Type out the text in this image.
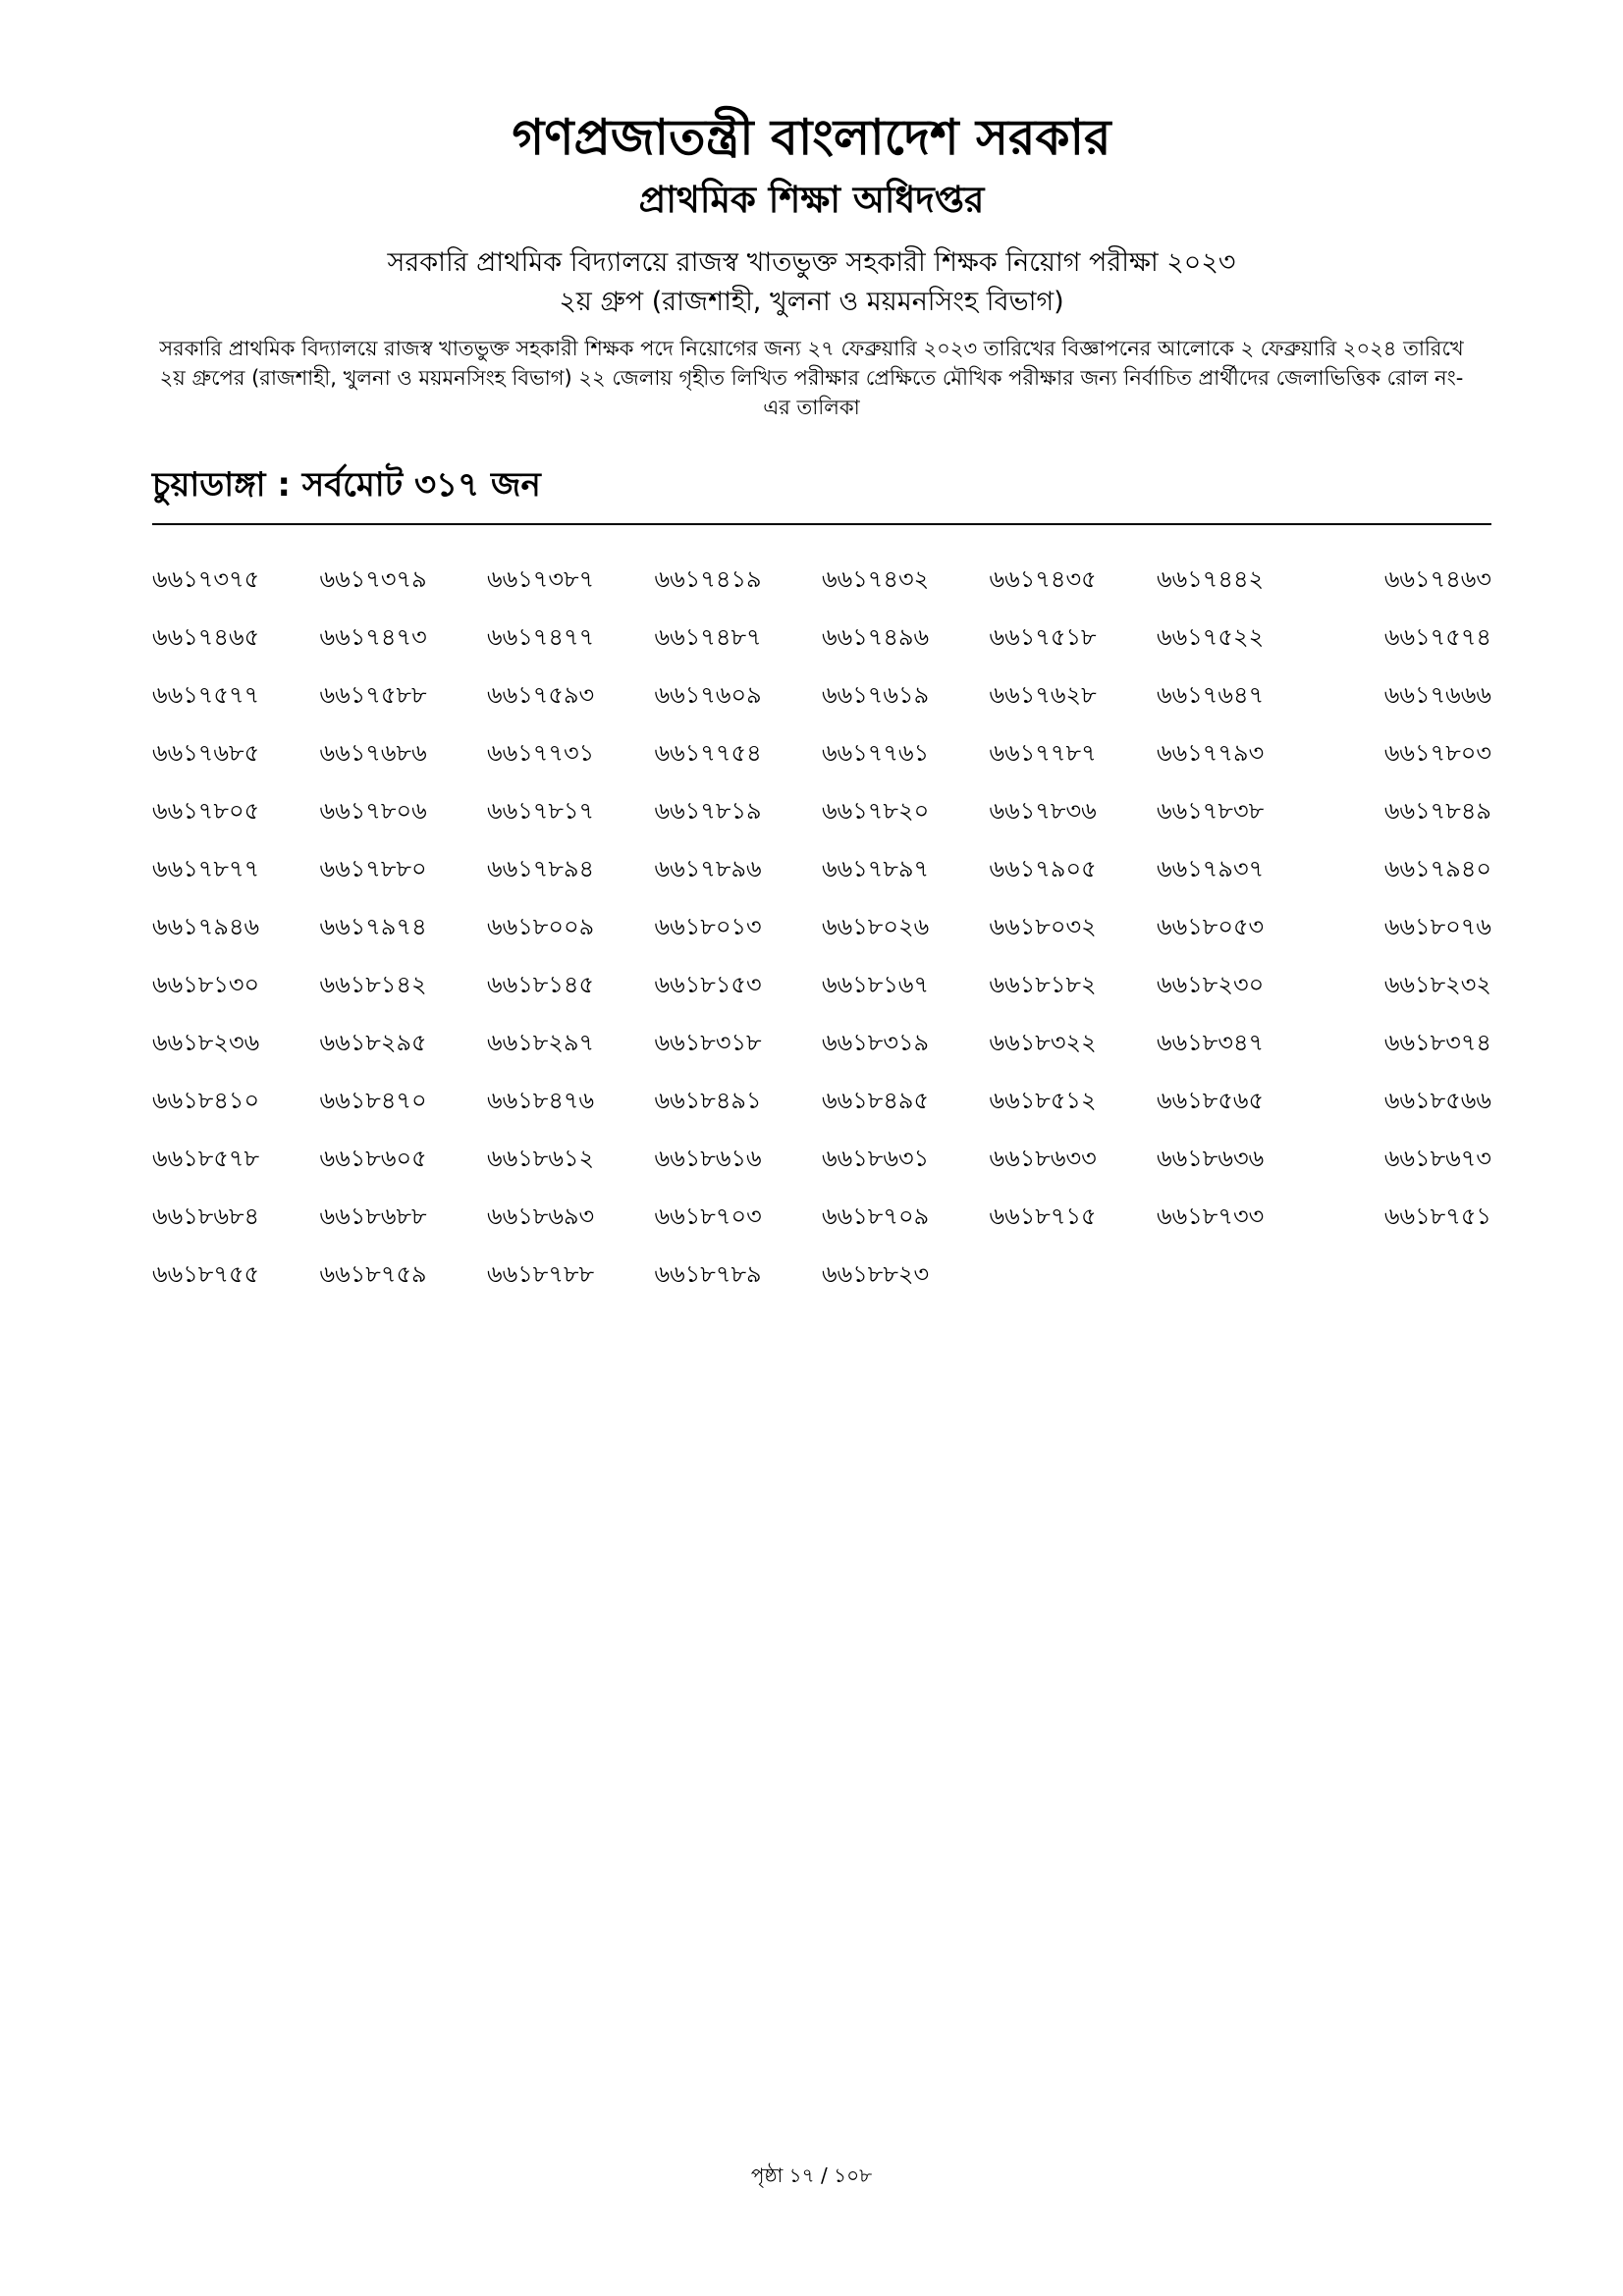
গণপ্রজাতন্ত্রী বাংলাদেশ সরকার

প্রাথমিক শিক্ষা অধিদপ্তর

সরকারি প্রাথমিক বিদ্যালয়ে রাজস্ব খাতভুক্ত সহকারী শিক্ষক নিয়োগ পরীক্ষা ২০২৩

২য় গ্রুপ (রাজশাহী, খুলনা ও ময়মনসিংহ বিভাগ)

সরকারি প্রাথমিক বিদ্যালয়ে রাজস্ব খাতভুক্ত সহকারী শিক্ষক পদে নিয়োগের জন্য ২৭ ফেব্রুয়ারি ২০২৩ তারিখের বিজ্ঞাপনের আলোকে ২ ফেব্রুয়ারি ২০২৪ তারিখে ২য় গ্রুপের (রাজশাহী, খুলনা ও ময়মনসিংহ বিভাগ) ২২ জেলায় গৃহীত লিখিত পরীক্ষার প্রেক্ষিতে মৌখিক পরীক্ষার জন্য নির্বাচিত প্রার্থীদের জেলাভিত্তিক রোল নং-এর তালিকা

চুয়াডাঙ্গা : সর্বমোট ৩১৭ জন

৬৬১৭৩৭৫	৬৬১৭৩৭৯	৬৬১৭৩৮৭	৬৬১৭৪১৯	৬৬১৭৪৩২	৬৬১৭৪৩৫	৬৬১৭৪৪২	৬৬১৭৪৬৩
৬৬১৭৪৬৫	৬৬১৭৪৭৩	৬৬১৭৪৭৭	৬৬১৭৪৮৭	৬৬১৭৪৯৬	৬৬১৭৫১৮	৬৬১৭৫২২	৬৬১৭৫৭৪
৬৬১৭৫৭৭	৬৬১৭৫৮৮	৬৬১৭৫৯৩	৬৬১৭৬০৯	৬৬১৭৬১৯	৬৬১৭৬২৮	৬৬১৭৬৪৭	৬৬১৭৬৬৬
৬৬১৭৬৮৫	৬৬১৭৬৮৬	৬৬১৭৭৩১	৬৬১৭৭৫৪	৬৬১৭৭৬১	৬৬১৭৭৮৭	৬৬১৭৭৯৩	৬৬১৭৮০৩
৬৬১৭৮০৫	৬৬১৭৮০৬	৬৬১৭৮১৭	৬৬১৭৮১৯	৬৬১৭৮২০	৬৬১৭৮৩৬	৬৬১৭৮৩৮	৬৬১৭৮৪৯
৬৬১৭৮৭৭	৬৬১৭৮৮০	৬৬১৭৮৯৪	৬৬১৭৮৯৬	৬৬১৭৮৯৭	৬৬১৭৯০৫	৬৬১৭৯৩৭	৬৬১৭৯৪০
৬৬১৭৯৪৬	৬৬১৭৯৭৪	৬৬১৮০০৯	৬৬১৮০১৩	৬৬১৮০২৬	৬৬১৮০৩২	৬৬১৮০৫৩	৬৬১৮০৭৬
৬৬১৮১৩০	৬৬১৮১৪২	৬৬১৮১৪৫	৬৬১৮১৫৩	৬৬১৮১৬৭	৬৬১৮১৮২	৬৬১৮২৩০	৬৬১৮২৩২
৬৬১৮২৩৬	৬৬১৮২৯৫	৬৬১৮২৯৭	৬৬১৮৩১৮	৬৬১৮৩১৯	৬৬১৮৩২২	৬৬১৮৩৪৭	৬৬১৮৩৭৪
৬৬১৮৪১০	৬৬১৮৪৭০	৬৬১৮৪৭৬	৬৬১৮৪৯১	৬৬১৮৪৯৫	৬৬১৮৫১২	৬৬১৮৫৬৫	৬৬১৮৫৬৬
৬৬১৮৫৭৮	৬৬১৮৬০৫	৬৬১৮৬১২	৬৬১৮৬১৬	৬৬১৮৬৩১	৬৬১৮৬৩৩	৬৬১৮৬৩৬	৬৬১৮৬৭৩
৬৬১৮৬৮৪	৬৬১৮৬৮৮	৬৬১৮৬৯৩	৬৬১৮৭০৩	৬৬১৮৭০৯	৬৬১৮৭১৫	৬৬১৮৭৩৩	৬৬১৮৭৫১
৬৬১৮৭৫৫	৬৬১৮৭৫৯	৬৬১৮৭৮৮	৬৬১৮৭৮৯	৬৬১৮৮২৩
পৃষ্ঠা ১৭ / ১০৮
